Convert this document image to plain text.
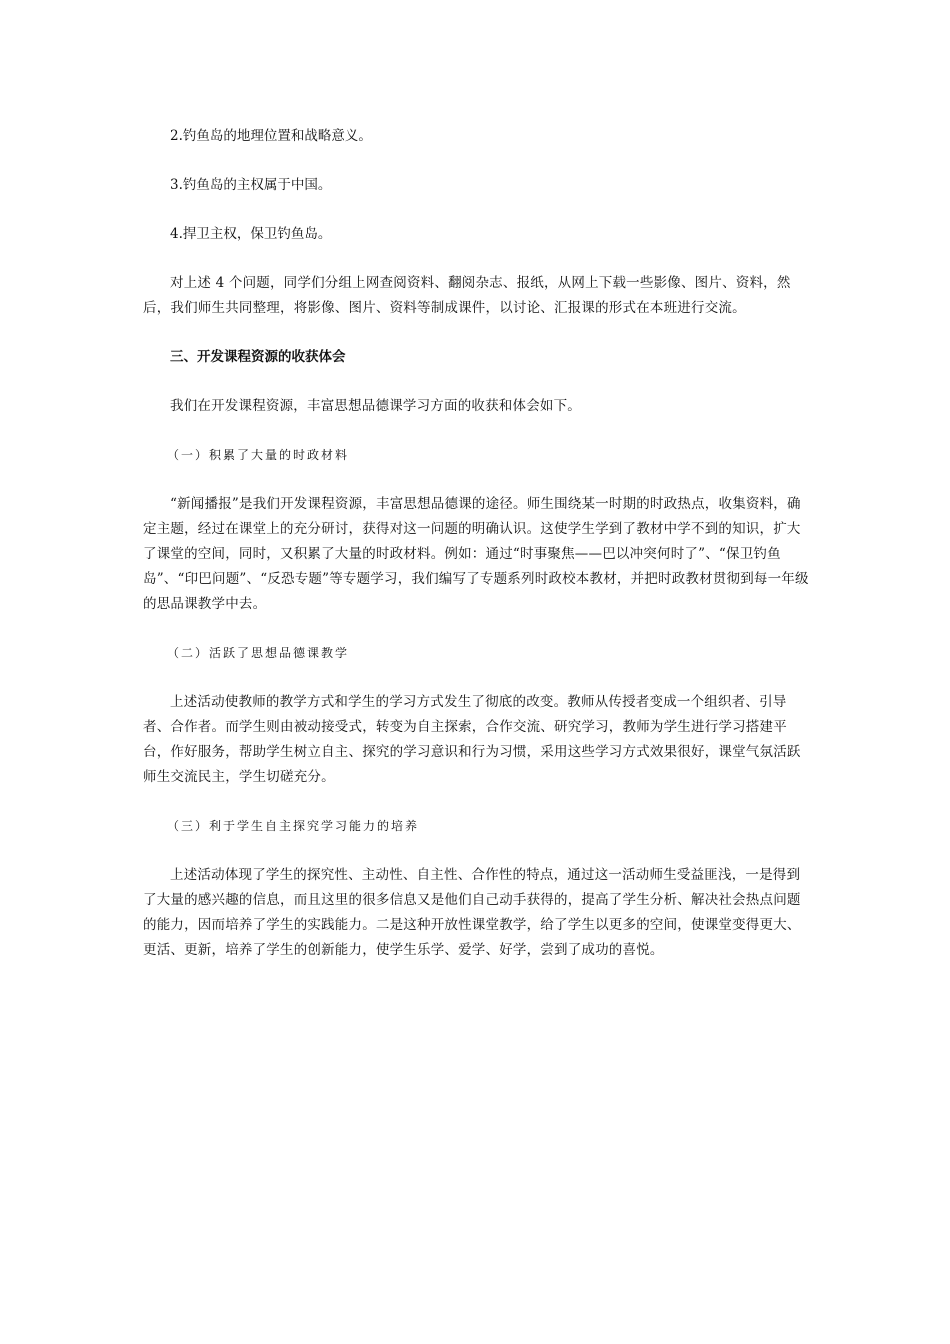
2.钓鱼岛的地理位置和战略意义。

3.钓鱼岛的主权属于中国。

4.捍卫主权，保卫钓鱼岛。

对上述 4 个问题，同学们分组上网查阅资料、翻阅杂志、报纸，从网上下载一些影像、图片、资料，然后，我们师生共同整理，将影像、图片、资料等制成课件，以讨论、汇报课的形式在本班进行交流。

三、开发课程资源的收获体会

我们在开发课程资源，丰富思想品德课学习方面的收获和体会如下。

（一）积累了大量的时政材料

“新闻播报”是我们开发课程资源，丰富思想品德课的途径。师生围绕某一时期的时政热点，收集资料，确定主题，经过在课堂上的充分研讨，获得对这一问题的明确认识。这使学生学到了教材中学不到的知识，扩大了课堂的空间，同时，又积累了大量的时政材料。例如：通过“时事聚焦——巴以冲突何时了”、“保卫钓鱼岛”、“印巴问题”、“反恐专题”等专题学习，我们编写了专题系列时政校本教材，并把时政教材贯彻到每一年级的思品课教学中去。

（二）活跃了思想品德课教学

上述活动使教师的教学方式和学生的学习方式发生了彻底的改变。教师从传授者变成一个组织者、引导者、合作者。而学生则由被动接受式，转变为自主探索，合作交流、研究学习，教师为学生进行学习搭建平台，作好服务，帮助学生树立自主、探究的学习意识和行为习惯，采用这些学习方式效果很好，课堂气氛活跃师生交流民主，学生切磋充分。

（三）利于学生自主探究学习能力的培养

上述活动体现了学生的探究性、主动性、自主性、合作性的特点，通过这一活动师生受益匪浅，一是得到了大量的感兴趣的信息，而且这里的很多信息又是他们自己动手获得的，提高了学生分析、解决社会热点问题的能力，因而培养了学生的实践能力。二是这种开放性课堂教学，给了学生以更多的空间，使课堂变得更大、更活、更新，培养了学生的创新能力，使学生乐学、爱学、好学，尝到了成功的喜悦。
